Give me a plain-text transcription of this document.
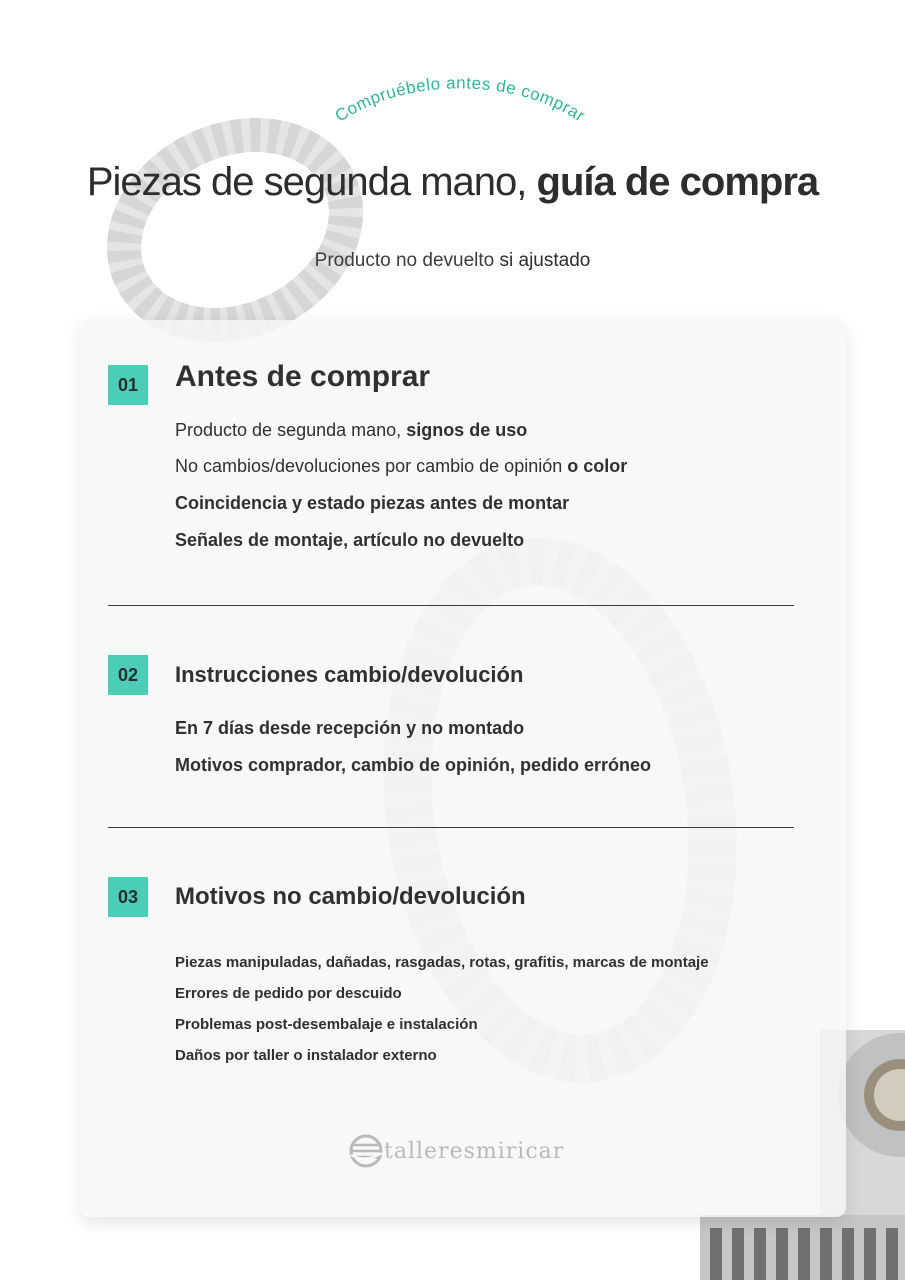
Compruébelo antes de comprar
Piezas de segunda mano, guía de compra
Producto no devuelto si ajustado
01	Antes de comprar
Producto de segunda mano, signos de uso
No cambios/devoluciones por cambio de opinión o color
Coincidencia y estado piezas antes de montar
Señales de montaje, artículo no devuelto
02	Instrucciones cambio/devolución
En 7 días desde recepción y no montado
Motivos comprador, cambio de opinión, pedido erróneo
03	Motivos no cambio/devolución
Piezas manipuladas, dañadas, rasgadas, rotas, grafitis, marcas de montaje
Errores de pedido por descuido
Problemas post-desembalaje e instalación
Daños por taller o instalador externo
talleresmiricar
